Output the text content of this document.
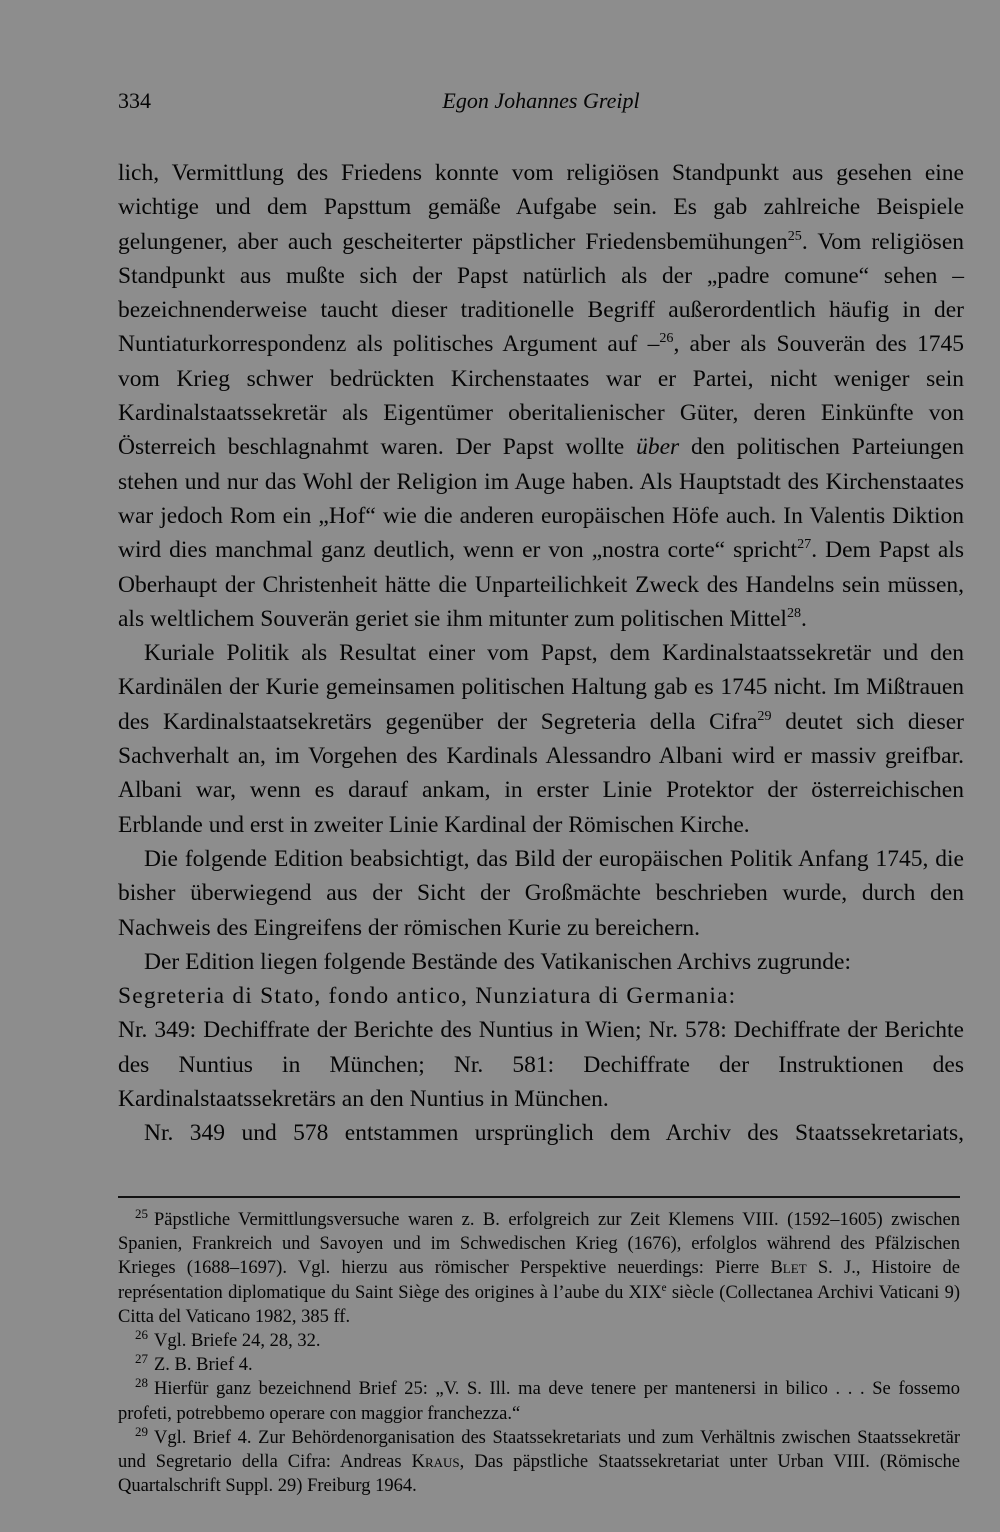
334	Egon Johannes Greipl

lich, Vermittlung des Friedens konnte vom religiösen Standpunkt aus gesehen eine wichtige und dem Papsttum gemäße Aufgabe sein. Es gab zahlreiche Beispiele gelungener, aber auch gescheiterter päpstlicher Friedensbemühungen$^{25}$. Vom religiösen Standpunkt aus mußte sich der Papst natürlich als der „padre comune“ sehen – bezeichnenderweise taucht dieser traditionelle Begriff außerordentlich häufig in der Nuntiaturkorrespondenz als politisches Argument auf –$^{26}$, aber als Souverän des 1745 vom Krieg schwer bedrückten Kirchenstaates war er Partei, nicht weniger sein Kardinalstaatssekretär als Eigentümer oberitalienischer Güter, deren Einkünfte von Österreich beschlagnahmt waren. Der Papst wollte über den politischen Parteiungen stehen und nur das Wohl der Religion im Auge haben. Als Hauptstadt des Kirchenstaates war jedoch Rom ein „Hof“ wie die anderen europäischen Höfe auch. In Valentis Diktion wird dies manchmal ganz deutlich, wenn er von „nostra corte“ spricht$^{27}$. Dem Papst als Oberhaupt der Christenheit hätte die Unparteilichkeit Zweck des Handelns sein müssen, als weltlichem Souverän geriet sie ihm mitunter zum politischen Mittel$^{28}$.

Kuriale Politik als Resultat einer vom Papst, dem Kardinalstaatssekretär und den Kardinälen der Kurie gemeinsamen politischen Haltung gab es 1745 nicht. Im Mißtrauen des Kardinalstaatsekretärs gegenüber der Segreteria della Cifra$^{29}$ deutet sich dieser Sachverhalt an, im Vorgehen des Kardinals Alessandro Albani wird er massiv greifbar. Albani war, wenn es darauf ankam, in erster Linie Protektor der österreichischen Erblande und erst in zweiter Linie Kardinal der Römischen Kirche.

Die folgende Edition beabsichtigt, das Bild der europäischen Politik Anfang 1745, die bisher überwiegend aus der Sicht der Großmächte beschrieben wurde, durch den Nachweis des Eingreifens der römischen Kurie zu bereichern.

Der Edition liegen folgende Bestände des Vatikanischen Archivs zugrunde:

Segreteria di Stato, fondo antico, Nunziatura di Germania:

Nr. 349: Dechiffrate der Berichte des Nuntius in Wien; Nr. 578: Dechiffrate der Berichte des Nuntius in München; Nr. 581: Dechiffrate der Instruktionen des Kardinalstaatssekretärs an den Nuntius in München.

Nr. 349 und 578 entstammen ursprünglich dem Archiv des Staatssekretariats,

25 Päpstliche Vermittlungsversuche waren z. B. erfolgreich zur Zeit Klemens VIII. (1592–1605) zwischen Spanien, Frankreich und Savoyen und im Schwedischen Krieg (1676), erfolglos während des Pfälzischen Krieges (1688–1697). Vgl. hierzu aus römischer Perspektive neuerdings: Pierre Blet S. J., Histoire de représentation diplomatique du Saint Siège des origines à l’aube du XIXe siècle (Collectanea Archivi Vaticani 9) Citta del Vaticano 1982, 385 ff.

26 Vgl. Briefe 24, 28, 32.

27 Z. B. Brief 4.

28 Hierfür ganz bezeichnend Brief 25: „V. S. Ill. ma deve tenere per mantenersi in bilico . . . Se fossemo profeti, potrebbemo operare con maggior franchezza.“

29 Vgl. Brief 4. Zur Behördenorganisation des Staatssekretariats und zum Verhältnis zwischen Staatssekretär und Segretario della Cifra: Andreas Kraus, Das päpstliche Staatssekretariat unter Urban VIII. (Römische Quartalschrift Suppl. 29) Freiburg 1964.
